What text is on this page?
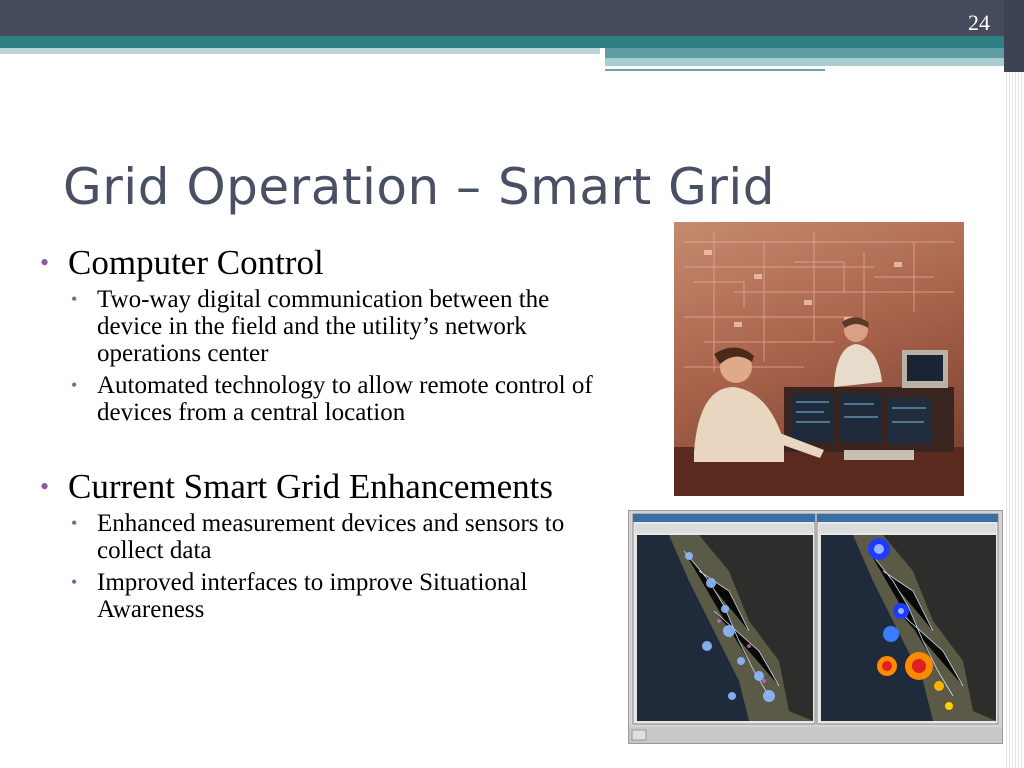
24
Grid Operation – Smart Grid
• Computer Control
• Two-way digital communication between the device in the field and the utility’s network operations center
• Automated technology to allow remote control of devices from a central location
• Current Smart Grid Enhancements
• Enhanced measurement devices and sensors to collect data
• Improved interfaces to improve Situational Awareness
